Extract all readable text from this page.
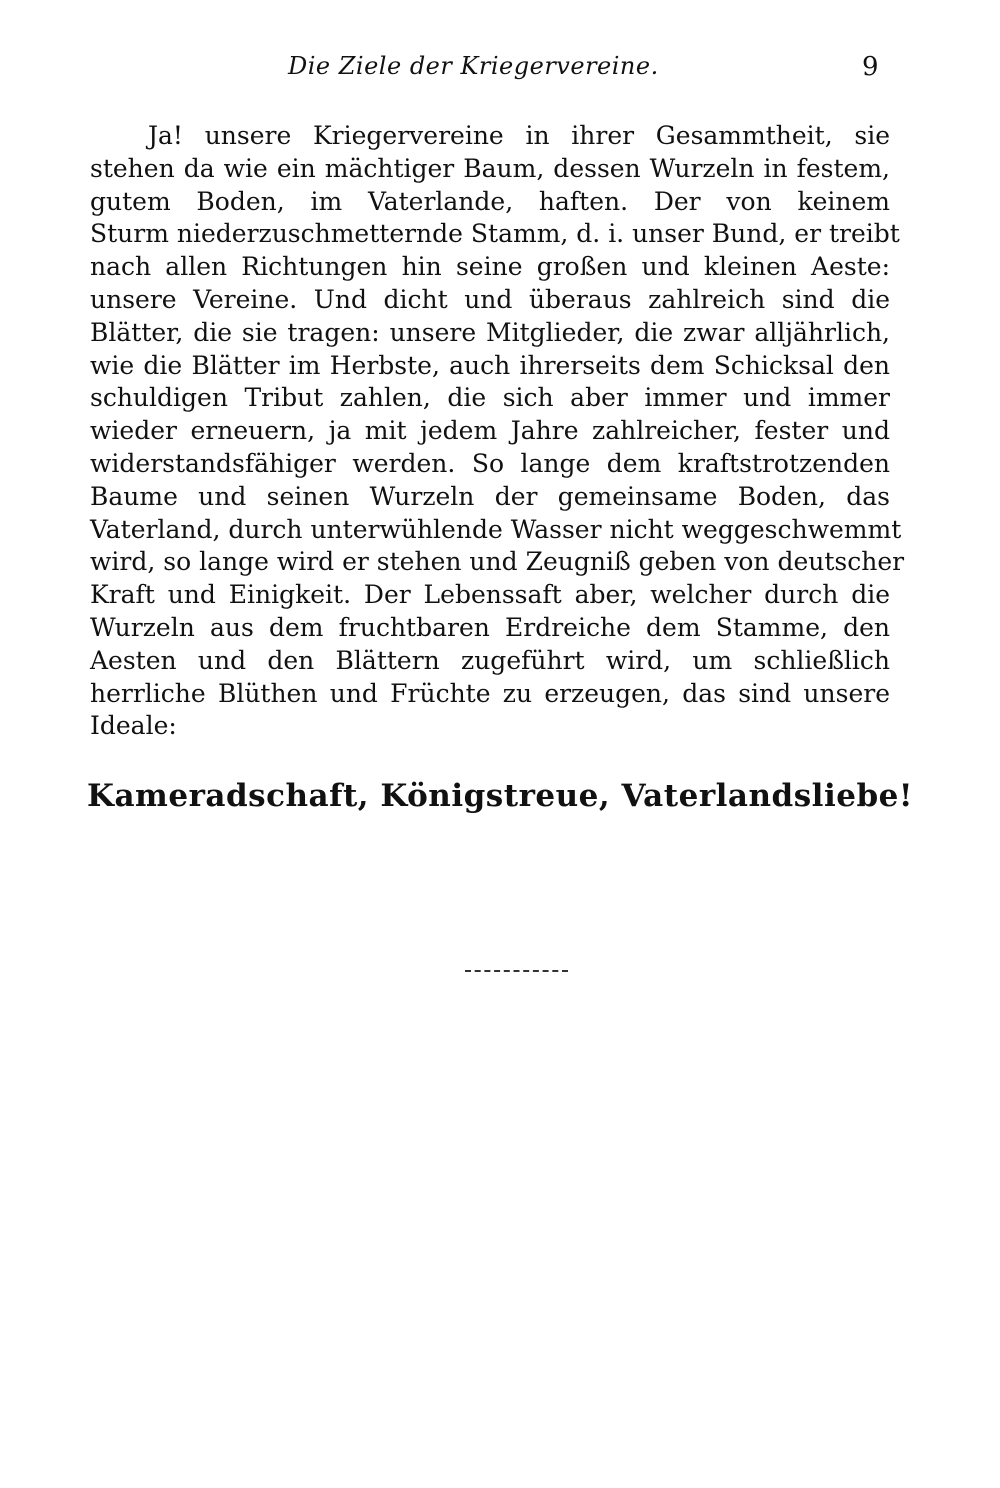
Die Ziele der Kriegervereine.	9
Ja! unsere Kriegervereine in ihrer Gesammtheit, sie
stehen da wie ein mächtiger Baum, dessen Wurzeln in festem,
gutem Boden, im Vaterlande, haften. Der von keinem
Sturm niederzuschmetternde Stamm, d. i. unser Bund, er treibt
nach allen Richtungen hin seine großen und kleinen Aeste:
unsere Vereine. Und dicht und überaus zahlreich sind die
Blätter, die sie tragen: unsere Mitglieder, die zwar alljährlich,
wie die Blätter im Herbste, auch ihrerseits dem Schicksal den
schuldigen Tribut zahlen, die sich aber immer und immer
wieder erneuern, ja mit jedem Jahre zahlreicher, fester und
widerstandsfähiger werden. So lange dem kraftstrotzenden
Baume und seinen Wurzeln der gemeinsame Boden, das
Vaterland, durch unterwühlende Wasser nicht weggeschwemmt
wird, so lange wird er stehen und Zeugniß geben von deutscher
Kraft und Einigkeit. Der Lebenssaft aber, welcher durch die
Wurzeln aus dem fruchtbaren Erdreiche dem Stamme, den
Aesten und den Blättern zugeführt wird, um schließlich
herrliche Blüthen und Früchte zu erzeugen, das sind unsere
Ideale:
Kameradschaft, Königstreue, Vaterlandsliebe!
